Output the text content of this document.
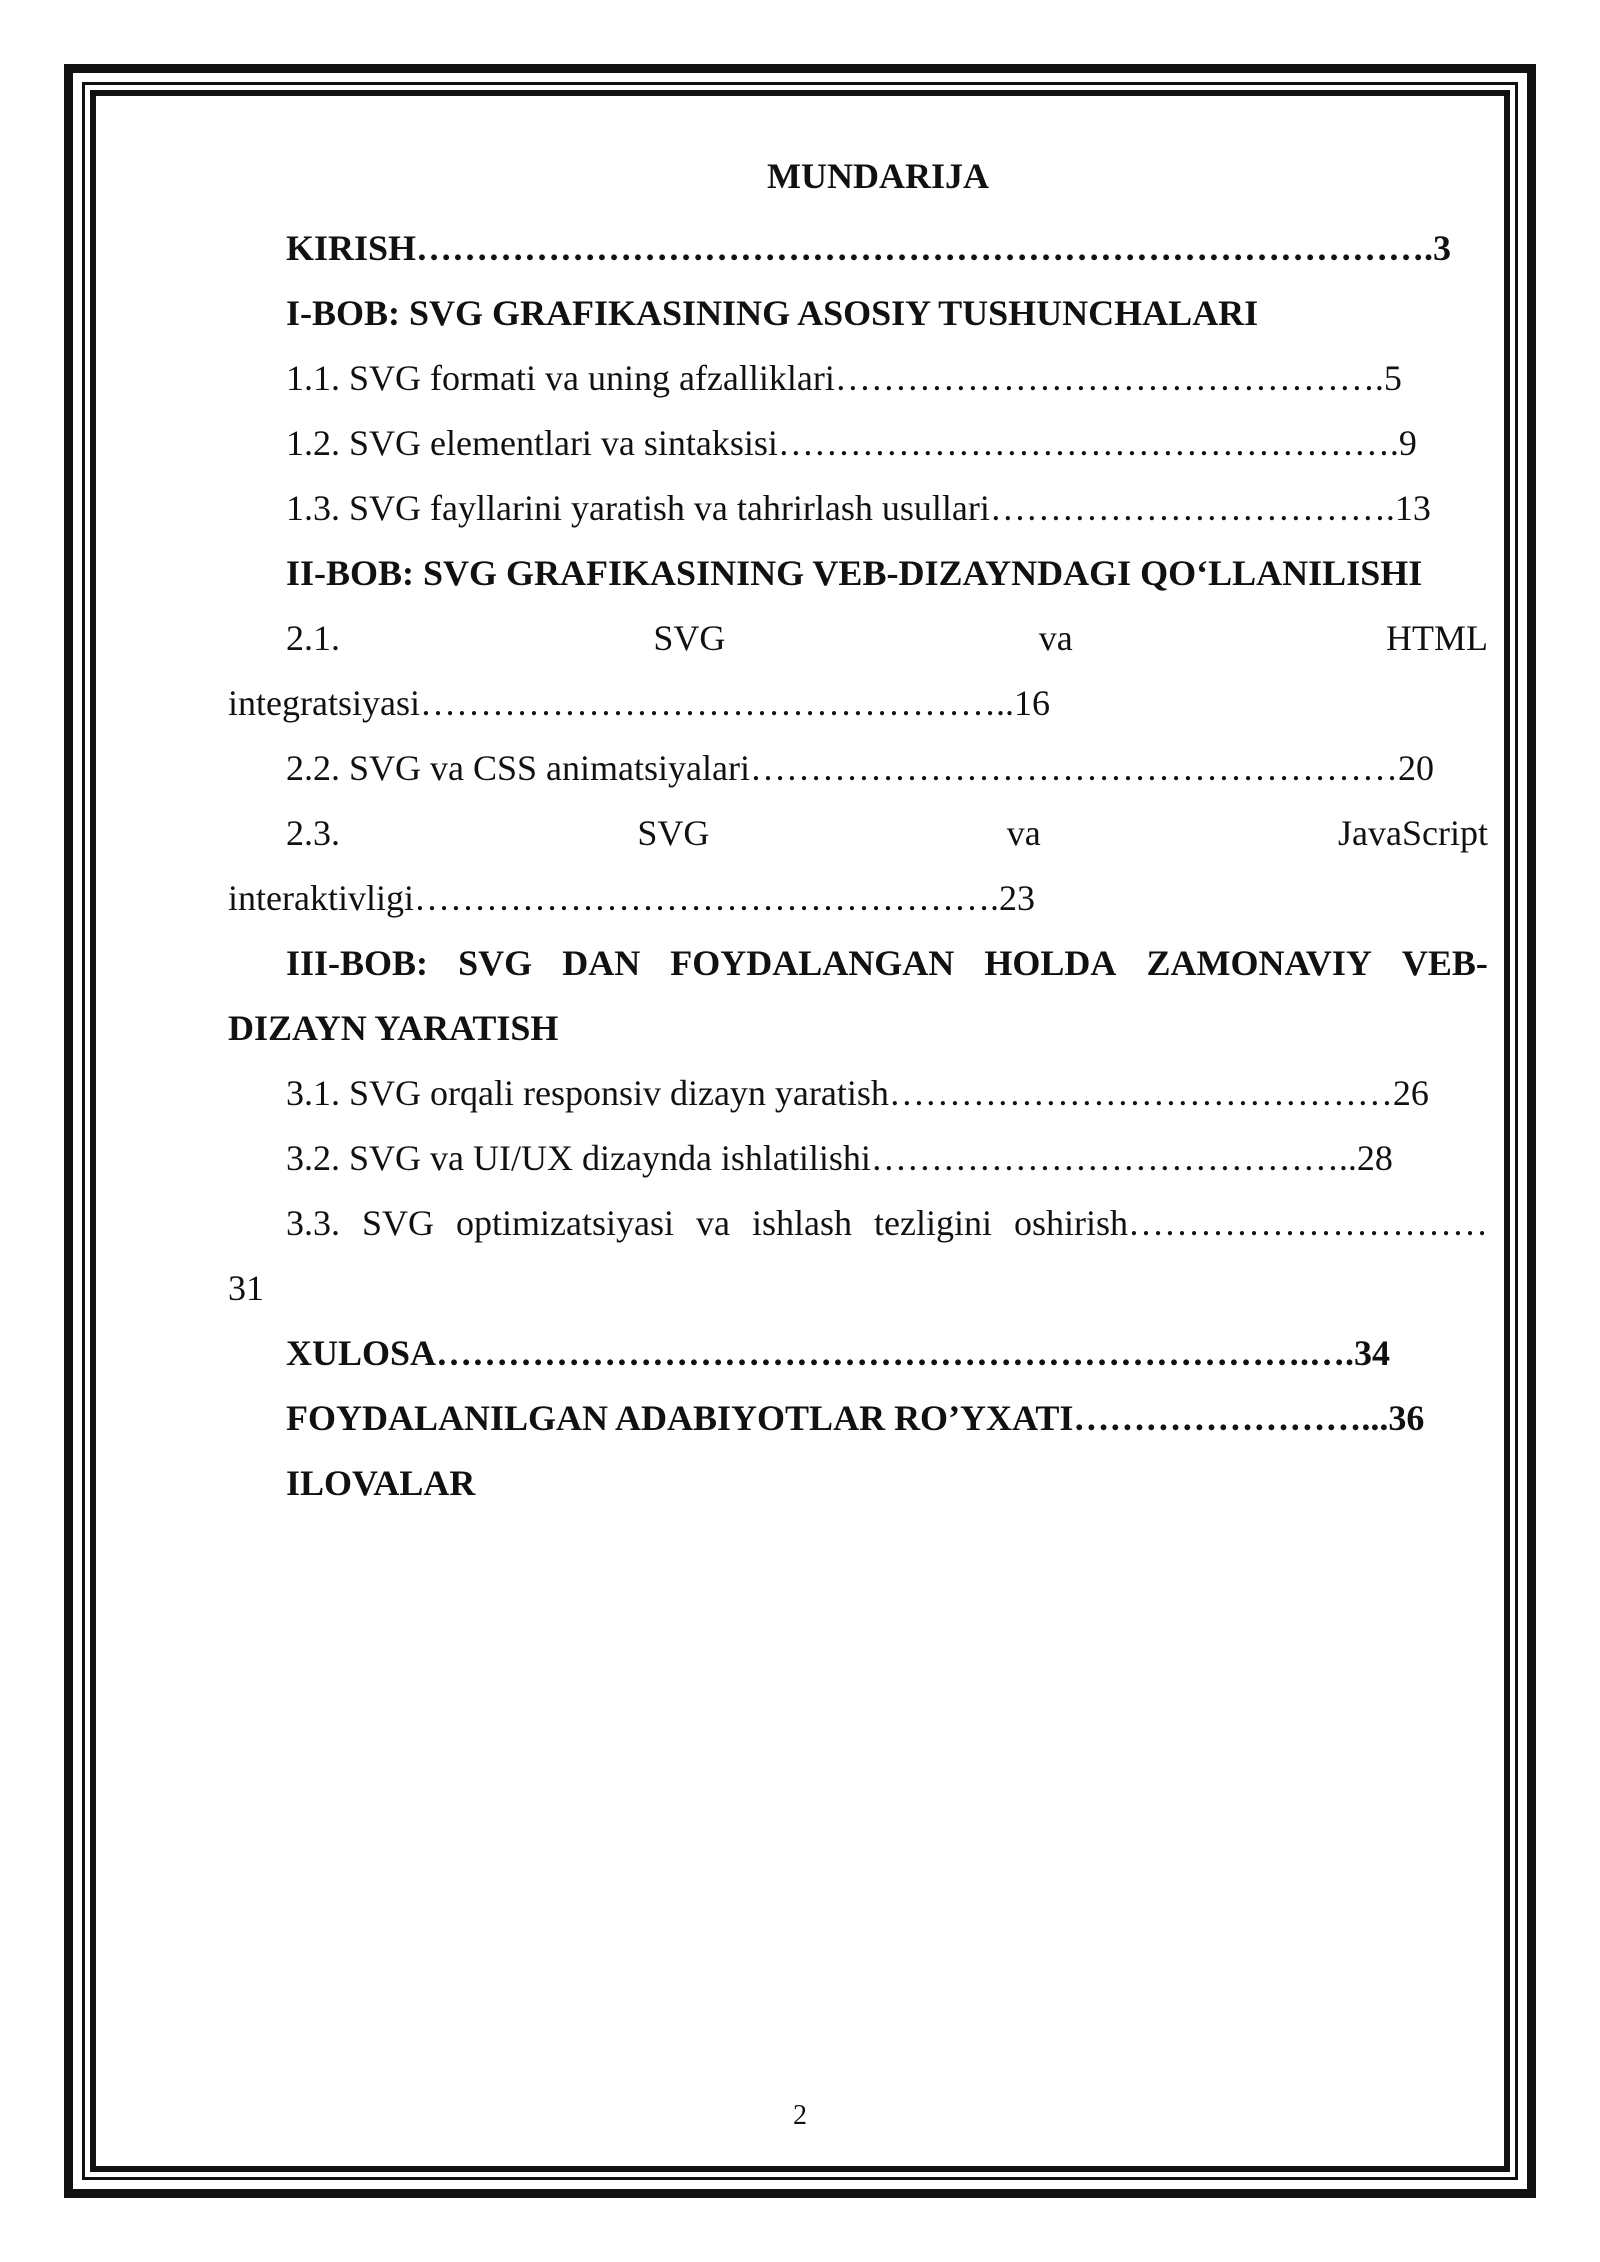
MUNDARIJA
KIRISH………………………………………………………………………….3
I-BOB: SVG GRAFIKASINING ASOSIY TUSHUNCHALARI
1.1. SVG formati va uning afzalliklari……………………………………….5
1.2. SVG elementlari va sintaksisi…………………………………………….9
1.3. SVG fayllarini yaratish va tahrirlash usullari…………………………….13
II-BOB: SVG GRAFIKASINING VEB-DIZAYNDAGI QO‘LLANILISHI
2.1.	SVG	va	HTML
integratsiyasi…………………………………………..16
2.2. SVG va CSS animatsiyalari………………………………………………20
2.3.	SVG	va	JavaScript
interaktivligi………………………………………….23
III-BOB: SVG DAN FOYDALANGAN HOLDA ZAMONAVIY VEB-
DIZAYN YARATISH
3.1. SVG orqali responsiv dizayn yaratish……………………………………26
3.2. SVG va UI/UX dizaynda ishlatilishi…………………………………..28
3.3. SVG optimizatsiyasi va ishlash tezligini oshirish…………………………
31
XULOSA……………………………………………………………….….34
FOYDALANILGAN ADABIYOTLAR RO’YXATI……………………...36
ILOVALAR
2
